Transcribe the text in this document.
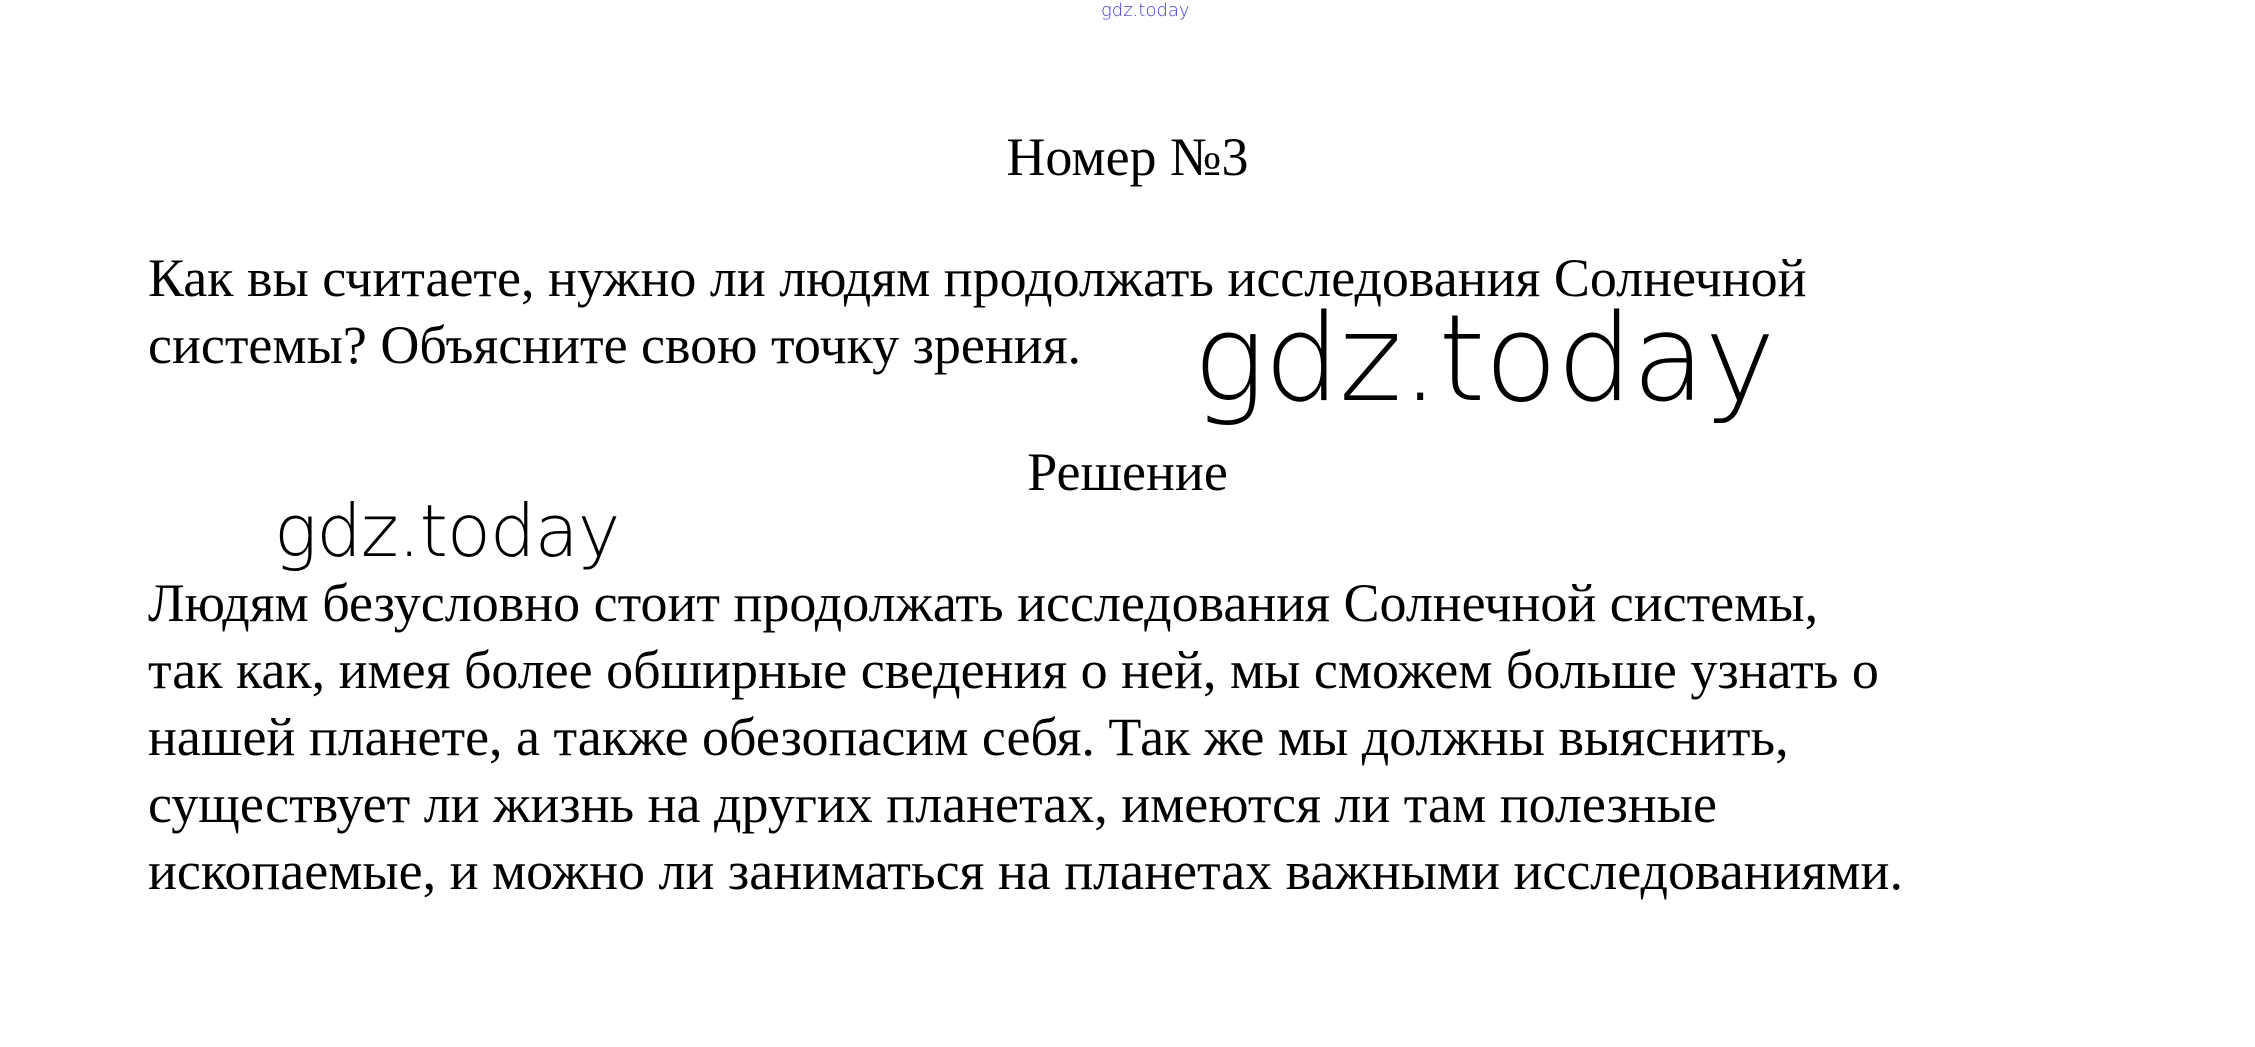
gdz.today
Номер №3
Как вы считаете, нужно ли людям продолжать исследования Солнечной
системы? Объясните свою точку зрения. gdz.today
Решение
gdz.today
Людям безусловно стоит продолжать исследования Солнечной системы,
так как, имея более обширные сведения о ней, мы сможем больше узнать о
нашей планете, а также обезопасим себя. Так же мы должны выяснить,
существует ли жизнь на других планетах, имеются ли там полезные
ископаемые, и можно ли заниматься на планетах важными исследованиями.
